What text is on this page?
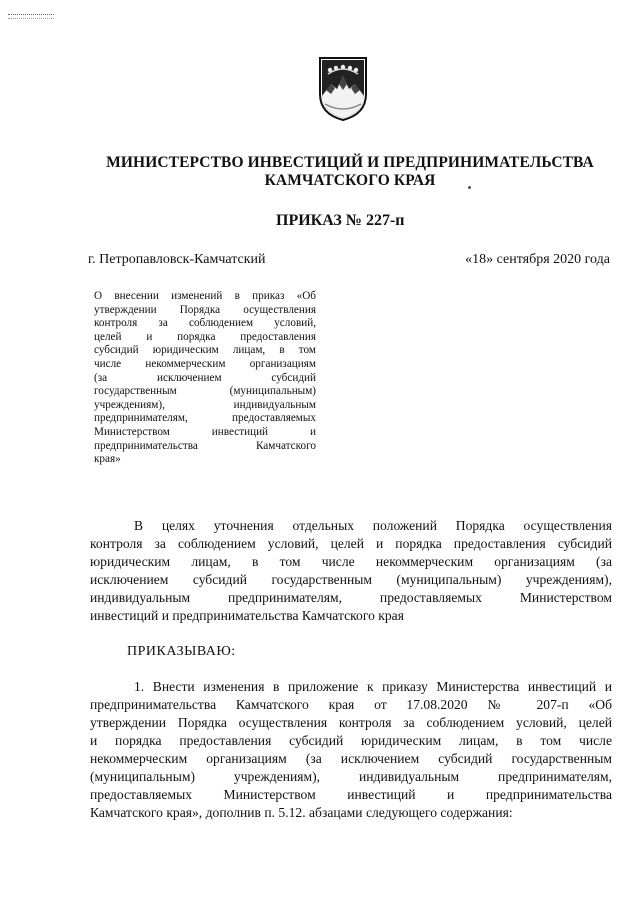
МИНИСТЕРСТВО ИНВЕСТИЦИЙ И ПРЕДПРИНИМАТЕЛЬСТВА
КАМЧАТСКОГО КРАЯ
ПРИКАЗ № 227-п
г. Петропавловск-Камчатский	«18» сентября 2020 года
О внесении изменений в приказ «Об
утверждении Порядка осуществления
контроля за соблюдением условий,
целей и порядка предоставления
субсидий юридическим лицам, в том
числе некоммерческим организациям
(за исключением субсидий
государственным (муниципальным)
учреждениям), индивидуальным
предпринимателям, предоставляемых
Министерством инвестиций и
предпринимательства Камчатского
края»
В целях уточнения отдельных положений Порядка осуществления
контроля за соблюдением условий, целей и порядка предоставления субсидий
юридическим лицам, в том числе некоммерческим организациям (за
исключением субсидий государственным (муниципальным) учреждениям),
индивидуальным предпринимателям, предоставляемых Министерством
инвестиций и предпринимательства Камчатского края
ПРИКАЗЫВАЮ:
1. Внести изменения в приложение к приказу Министерства инвестиций и
предпринимательства Камчатского края от 17.08.2020 № 207-п «Об
утверждении Порядка осуществления контроля за соблюдением условий, целей
и порядка предоставления субсидий юридическим лицам, в том числе
некоммерческим организациям (за исключением субсидий государственным
(муниципальным) учреждениям), индивидуальным предпринимателям,
предоставляемых Министерством инвестиций и предпринимательства
Камчатского края», дополнив п. 5.12. абзацами следующего содержания:
